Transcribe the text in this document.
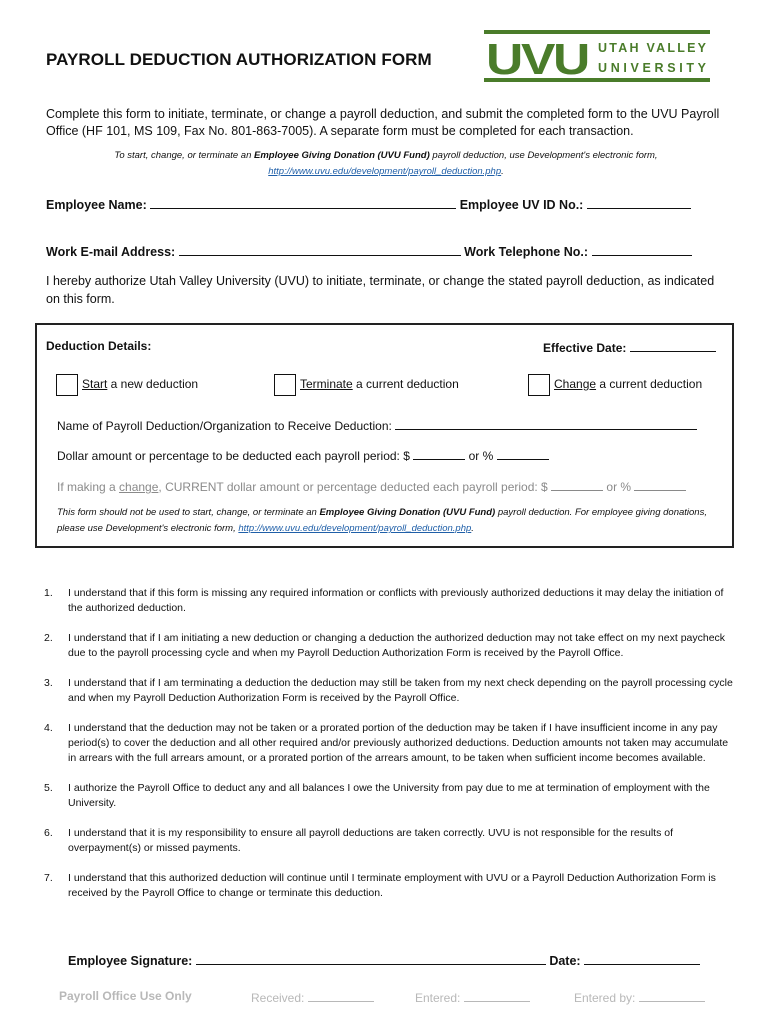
PAYROLL DEDUCTION AUTHORIZATION FORM UVU UTAH VALLEY
UNIVERSITY
Complete this form to initiate, terminate, or change a payroll deduction, and submit the completed form to the UVU Payroll Office (HF 101, MS 109, Fax No. 801-863-7005). A separate form must be completed for each transaction.
To start, change, or terminate an Employee Giving Donation (UVU Fund) payroll deduction, use Development's electronic form,
http://www.uvu.edu/development/payroll_deduction.php.
Employee Name:	Employee UV ID No.:
Work E-mail Address:	Work Telephone No.:
I hereby authorize Utah Valley University (UVU) to initiate, terminate, or change the stated payroll deduction, as indicated on this form.
Deduction Details:	Effective Date:
Start a new deduction	Terminate a current deduction	Change a current deduction
Name of Payroll Deduction/Organization to Receive Deduction:
Dollar amount or percentage to be deducted each payroll period: $	or %
If making a change, CURRENT dollar amount or percentage deducted each payroll period: $	or %
This form should not be used to start, change, or terminate an Employee Giving Donation (UVU Fund) payroll deduction. For employee giving donations, please use Development's electronic form, http://www.uvu.edu/development/payroll_deduction.php.
1. I understand that if this form is missing any required information or conflicts with previously authorized deductions it may delay the initiation of the authorized deduction.
2. I understand that if I am initiating a new deduction or changing a deduction the authorized deduction may not take effect on my next paycheck due to the payroll processing cycle and when my Payroll Deduction Authorization Form is received by the Payroll Office.
3. I understand that if I am terminating a deduction the deduction may still be taken from my next check depending on the payroll processing cycle and when my Payroll Deduction Authorization Form is received by the Payroll Office.
4. I understand that the deduction may not be taken or a prorated portion of the deduction may be taken if I have insufficient income in any pay period(s) to cover the deduction and all other required and/or previously authorized deductions. Deduction amounts not taken may accumulate in arrears with the full arrears amount, or a prorated portion of the arrears amount, to be taken when sufficient income becomes available.
5. I authorize the Payroll Office to deduct any and all balances I owe the University from pay due to me at termination of employment with the University.
6. I understand that it is my responsibility to ensure all payroll deductions are taken correctly. UVU is not responsible for the results of overpayment(s) or missed payments.
7. I understand that this authorized deduction will continue until I terminate employment with UVU or a Payroll Deduction Authorization Form is received by the Payroll Office to change or terminate this deduction.
Employee Signature:	Date:
Payroll Office Use Only	Received:	Entered:	Entered by:
